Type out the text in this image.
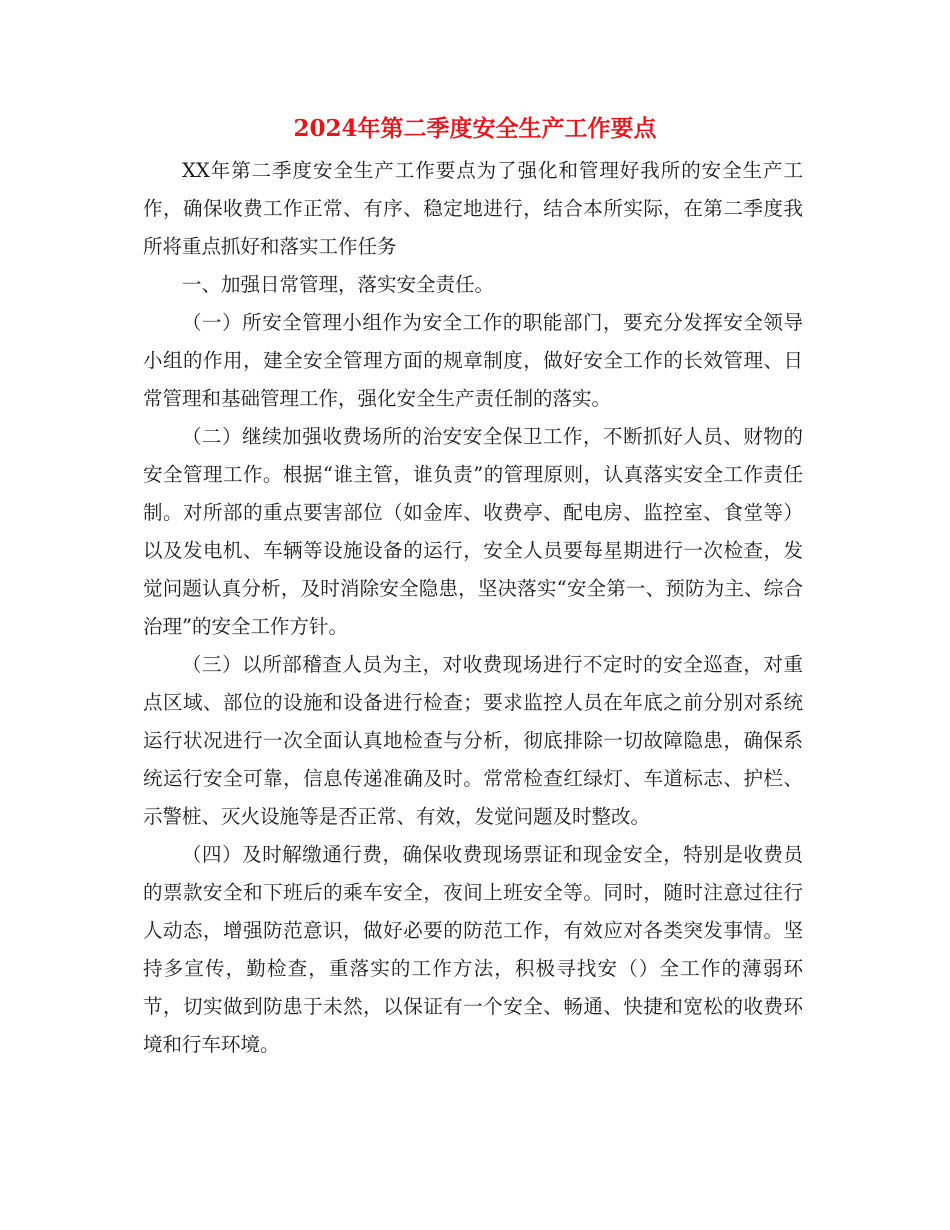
2024年第二季度安全生产工作要点

XX年第二季度安全生产工作要点为了强化和管理好我所的安全生产工作，确保收费工作正常、有序、稳定地进行，结合本所实际，在第二季度我所将重点抓好和落实工作任务

一、加强日常管理，落实安全责任。

（一）所安全管理小组作为安全工作的职能部门，要充分发挥安全领导小组的作用，建全安全管理方面的规章制度，做好安全工作的长效管理、日常管理和基础管理工作，强化安全生产责任制的落实。

（二）继续加强收费场所的治安安全保卫工作，不断抓好人员、财物的安全管理工作。根据“谁主管，谁负责”的管理原则，认真落实安全工作责任制。对所部的重点要害部位（如金库、收费亭、配电房、监控室、食堂等）以及发电机、车辆等设施设备的运行，安全人员要每星期进行一次检查，发觉问题认真分析，及时消除安全隐患，坚决落实“安全第一、预防为主、综合治理”的安全工作方针。

（三）以所部稽查人员为主，对收费现场进行不定时的安全巡查，对重点区域、部位的设施和设备进行检查；要求监控人员在年底之前分别对系统运行状况进行一次全面认真地检查与分析，彻底排除一切故障隐患，确保系统运行安全可靠，信息传递准确及时。常常检查红绿灯、车道标志、护栏、示警桩、灭火设施等是否正常、有效，发觉问题及时整改。

（四）及时解缴通行费，确保收费现场票证和现金安全，特别是收费员的票款安全和下班后的乘车安全，夜间上班安全等。同时，随时注意过往行人动态，增强防范意识，做好必要的防范工作，有效应对各类突发事情。坚持多宣传，勤检查，重落实的工作方法，积极寻找安（）全工作的薄弱环节，切实做到防患于未然，以保证有一个安全、畅通、快捷和宽松的收费环境和行车环境。
